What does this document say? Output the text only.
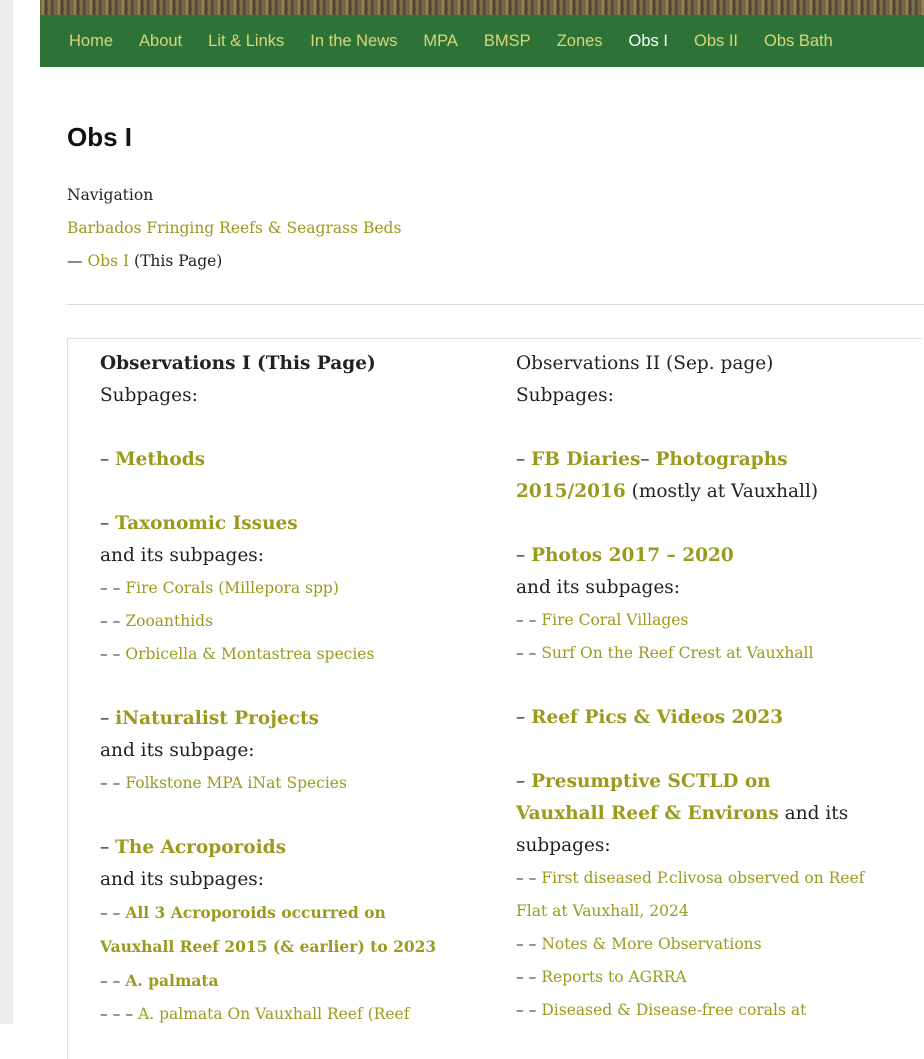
Home About Lit & Links In the News MPA BMSP Zones Obs I Obs II Obs Bath
Obs I
Navigation
Barbados Fringing Reefs & Seagrass Beds
— Obs I (This Page)
Observations I (This Page)
Subpages:
– Methods
– Taxonomic Issues
and its subpages:
– – Fire Corals (Millepora spp)
– – Zooanthids
– – Orbicella & Montastrea species
– iNaturalist Projects
and its subpage:
– – Folkstone MPA iNat Species
– The Acroporoids
and its subpages:
– – All 3 Acroporoids occurred on
Vauxhall Reef 2015 (& earlier) to 2023
– – A. palmata
– – – A. palmata On Vauxhall Reef (Reef
Observations II (Sep. page)
Subpages:
– FB Diaries– Photographs
2015/2016 (mostly at Vauxhall)
– Photos 2017 – 2020
and its subpages:
– – Fire Coral Villages
– – Surf On the Reef Crest at Vauxhall
– Reef Pics & Videos 2023
– Presumptive SCTLD on
Vauxhall Reef & Environs and its
subpages:
– – First diseased P.clivosa observed on Reef
Flat at Vauxhall, 2024
– – Notes & More Observations
– – Reports to AGRRA
– – Diseased & Disease-free corals at
